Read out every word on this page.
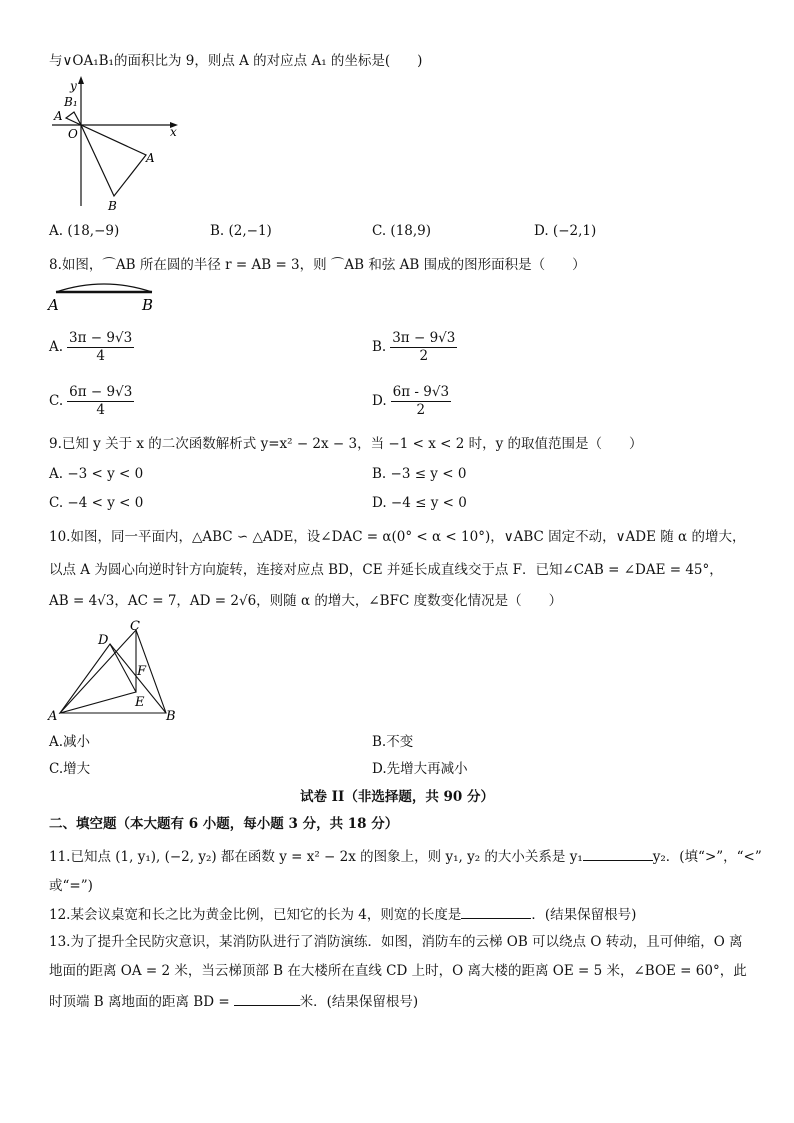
与∨OA₁B₁的面积比为 9，则点 A 的对应点 A₁ 的坐标是(　　)
y
x
B₁
A
O
A
B
A. (18,−9)	B. (2,−1)	C. (18,9)	D. (−2,1)
8.如图，⌒AB 所在圆的半径 r = AB = 3，则 ⌒AB 和弦 AB 围成的图形面积是（　　）
A	B
A. $\frac{3\pi - 9√3}{4}$	B. $\frac{3\pi - 9√3}{2}$
C. $\frac{6\pi - 9√3}{4}$	D. $\frac{6\pi - 9√3}{2}$
9.已知 y 关于 x 的二次函数解析式 y=x² − 2x − 3，当 −1 < x < 2 时，y 的取值范围是（　　）
A. −3 < y < 0	B. −3 ≤ y < 0
C. −4 < y < 0	D. −4 ≤ y < 0
10.如图，同一平面内，△ABC ∽ △ADE，设∠DAC = α(0° < α < 10°)，∨ABC 固定不动，∨ADE 随 α 的增大，
以点 A 为圆心向逆时针方向旋转，连接对应点 BD，CE 并延长成直线交于点 F．已知∠CAB = ∠DAE = 45°，
AB = 4√3，AC = 7，AD = 2√6，则随 α 的增大，∠BFC 度数变化情况是（　　）
D
C
F
E
A	B
A.减小	B.不变
C.增大	D.先增大再减小
试卷 II（非选择题，共 90 分）
二、填空题（本大题有 6 小题，每小题 3 分，共 18 分）
11.已知点 (1, y₁), (−2, y₂) 都在函数 y = x² − 2x 的图象上，则 y₁, y₂ 的大小关系是 y₁	y₂．(填“>”，“<”
或“=”)
12.某会议桌宽和长之比为黄金比例，已知它的长为 4，则宽的长度是	．(结果保留根号)
13.为了提升全民防灾意识，某消防队进行了消防演练．如图，消防车的云梯 OB 可以绕点 O 转动，且可伸缩，O 离
地面的距离 OA = 2 米，当云梯顶部 B 在大楼所在直线 CD 上时，O 离大楼的距离 OE = 5 米，∠BOE = 60°，此
时顶端 B 离地面的距离 BD =	米．(结果保留根号)
